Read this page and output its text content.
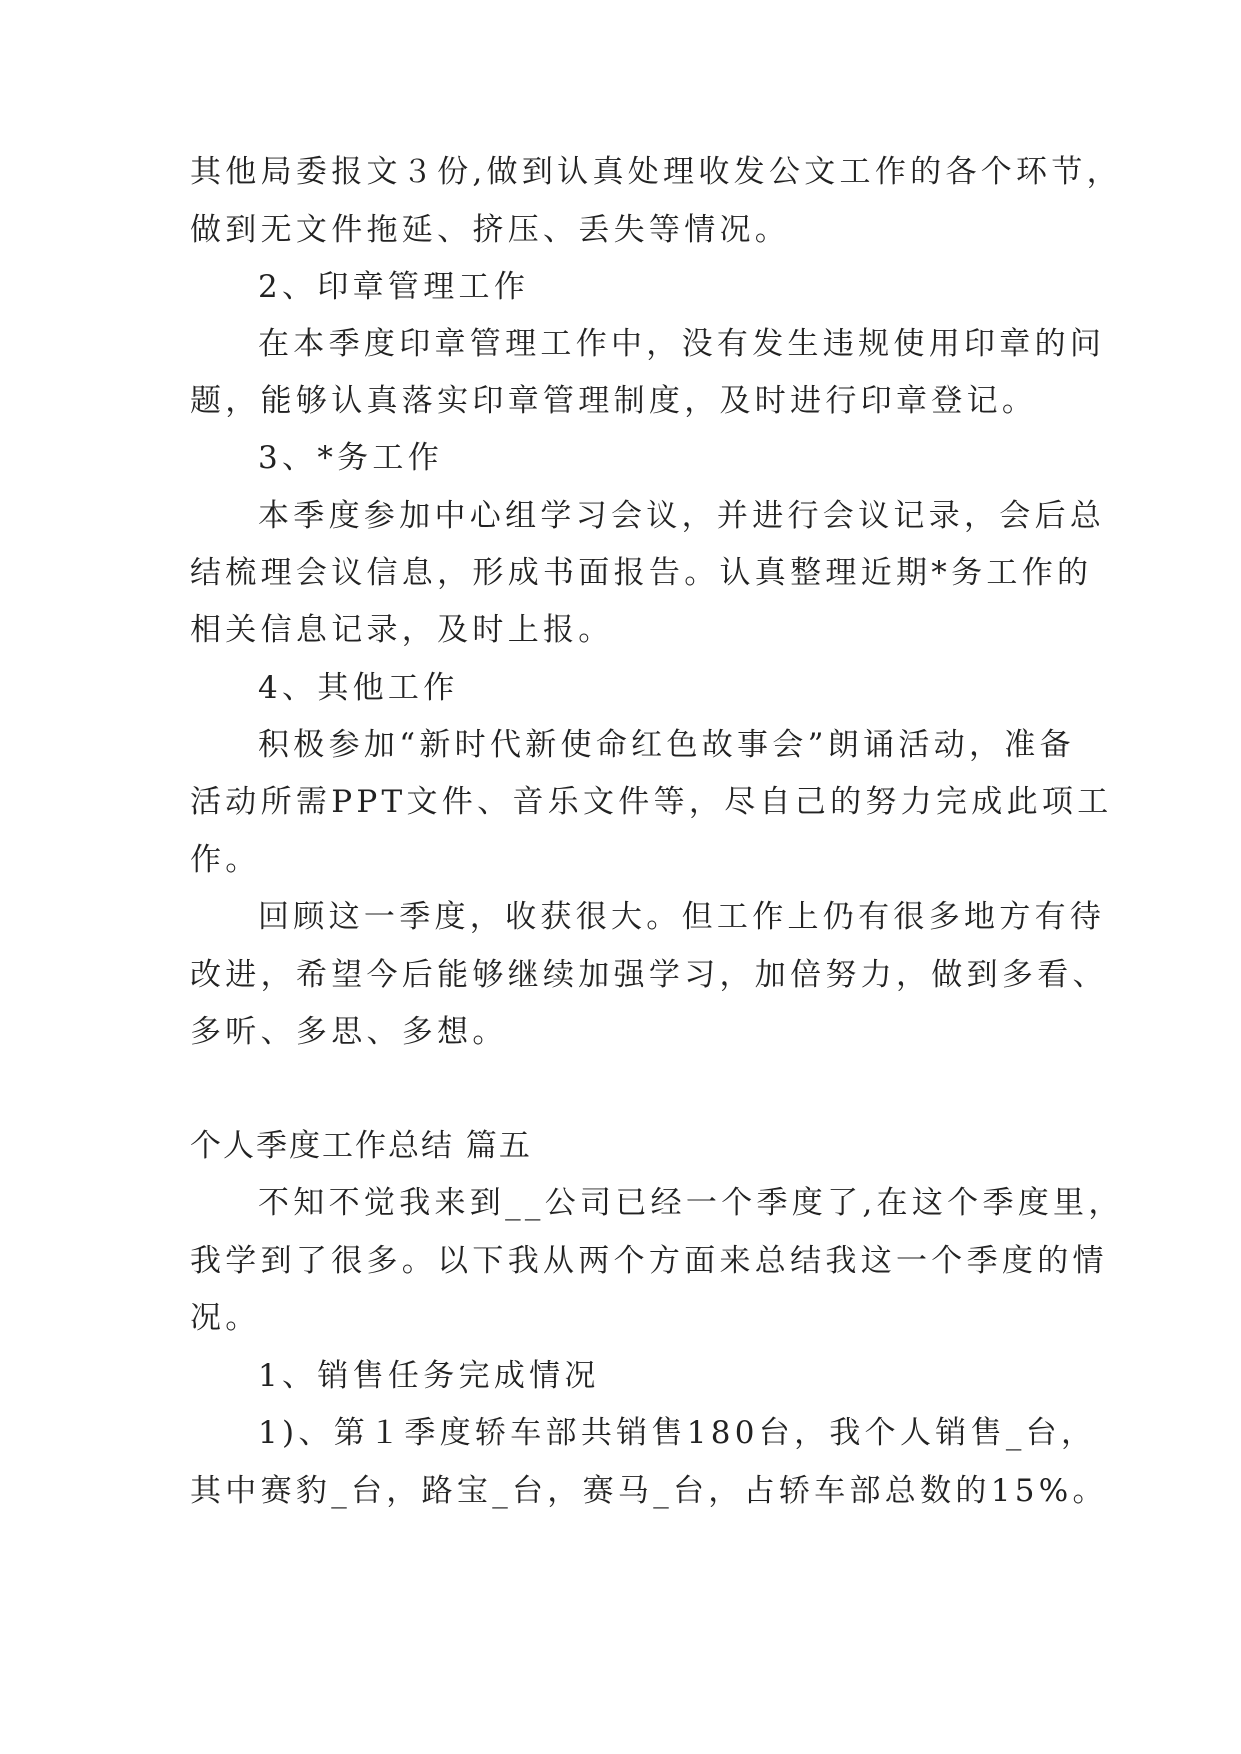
其他局委报文３份,做到认真处理收发公文工作的各个环节，
做到无文件拖延、挤压、丢失等情况。
2、印章管理工作
在本季度印章管理工作中，没有发生违规使用印章的问
题，能够认真落实印章管理制度，及时进行印章登记。
3、*务工作
本季度参加中心组学习会议，并进行会议记录，会后总
结梳理会议信息，形成书面报告。认真整理近期*务工作的
相关信息记录，及时上报。
4、其他工作
积极参加“新时代新使命红色故事会”朗诵活动，准备
活动所需PPT文件、音乐文件等，尽自己的努力完成此项工
作。
回顾这一季度，收获很大。但工作上仍有很多地方有待
改进，希望今后能够继续加强学习，加倍努力，做到多看、
多听、多思、多想。
个人季度工作总结 篇五
不知不觉我来到__公司已经一个季度了,在这个季度里，
我学到了很多。以下我从两个方面来总结我这一个季度的情
况。
1、销售任务完成情况
1)、第１季度轿车部共销售180台，我个人销售_台，
其中赛豹_台，路宝_台，赛马_台，占轿车部总数的15%。
